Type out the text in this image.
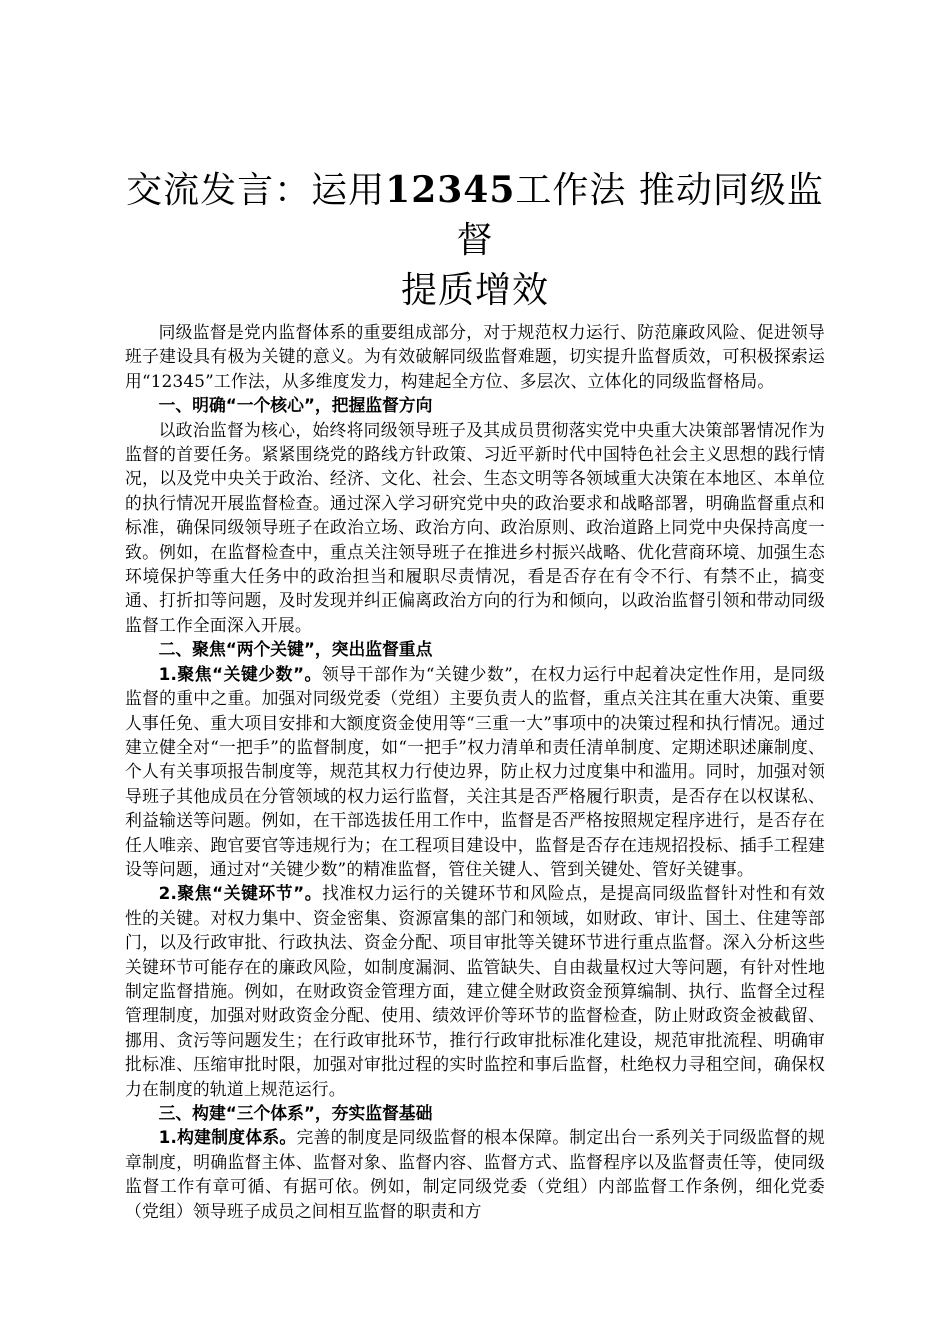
交流发言：运用12345工作法 推动同级监督
提质增效

同级监督是党内监督体系的重要组成部分，对于规范权力运行、防范廉政风险、促进领导班子建设具有极为关键的意义。为有效破解同级监督难题，切实提升监督质效，可积极探索运用“12345”工作法，从多维度发力，构建起全方位、多层次、立体化的同级监督格局。

一、明确“一个核心”，把握监督方向

以政治监督为核心，始终将同级领导班子及其成员贯彻落实党中央重大决策部署情况作为监督的首要任务。紧紧围绕党的路线方针政策、习近平新时代中国特色社会主义思想的践行情况，以及党中央关于政治、经济、文化、社会、生态文明等各领域重大决策在本地区、本单位的执行情况开展监督检查。通过深入学习研究党中央的政治要求和战略部署，明确监督重点和标准，确保同级领导班子在政治立场、政治方向、政治原则、政治道路上同党中央保持高度一致。例如，在监督检查中，重点关注领导班子在推进乡村振兴战略、优化营商环境、加强生态环境保护等重大任务中的政治担当和履职尽责情况，看是否存在有令不行、有禁不止，搞变通、打折扣等问题，及时发现并纠正偏离政治方向的行为和倾向，以政治监督引领和带动同级监督工作全面深入开展。

二、聚焦“两个关键”，突出监督重点

1.聚焦“关键少数”。领导干部作为“关键少数”，在权力运行中起着决定性作用，是同级监督的重中之重。加强对同级党委（党组）主要负责人的监督，重点关注其在重大决策、重要人事任免、重大项目安排和大额度资金使用等“三重一大”事项中的决策过程和执行情况。通过建立健全对“一把手”的监督制度，如“一把手”权力清单和责任清单制度、定期述职述廉制度、个人有关事项报告制度等，规范其权力行使边界，防止权力过度集中和滥用。同时，加强对领导班子其他成员在分管领域的权力运行监督，关注其是否严格履行职责，是否存在以权谋私、利益输送等问题。例如，在干部选拔任用工作中，监督是否严格按照规定程序进行，是否存在任人唯亲、跑官要官等违规行为；在工程项目建设中，监督是否存在违规招投标、插手工程建设等问题，通过对“关键少数”的精准监督，管住关键人、管到关键处、管好关键事。

2.聚焦“关键环节”。找准权力运行的关键环节和风险点，是提高同级监督针对性和有效性的关键。对权力集中、资金密集、资源富集的部门和领域，如财政、审计、国土、住建等部门，以及行政审批、行政执法、资金分配、项目审批等关键环节进行重点监督。深入分析这些关键环节可能存在的廉政风险，如制度漏洞、监管缺失、自由裁量权过大等问题，有针对性地制定监督措施。例如，在财政资金管理方面，建立健全财政资金预算编制、执行、监督全过程管理制度，加强对财政资金分配、使用、绩效评价等环节的监督检查，防止财政资金被截留、挪用、贪污等问题发生；在行政审批环节，推行行政审批标准化建设，规范审批流程、明确审批标准、压缩审批时限，加强对审批过程的实时监控和事后监督，杜绝权力寻租空间，确保权力在制度的轨道上规范运行。

三、构建“三个体系”，夯实监督基础

1.构建制度体系。完善的制度是同级监督的根本保障。制定出台一系列关于同级监督的规章制度，明确监督主体、监督对象、监督内容、监督方式、监督程序以及监督责任等，使同级监督工作有章可循、有据可依。例如，制定同级党委（党组）内部监督工作条例，细化党委（党组）领导班子成员之间相互监督的职责和方
